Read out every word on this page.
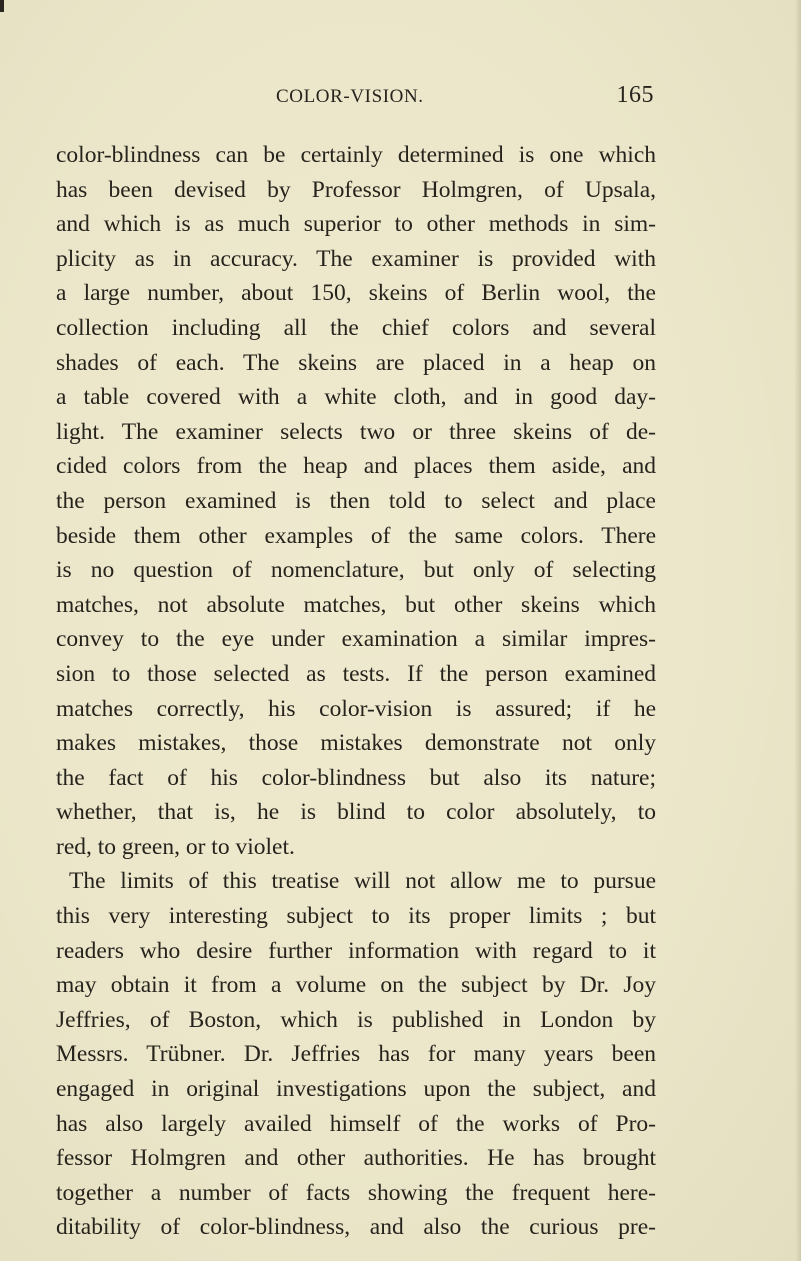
COLOR-VISION.	165
color-blindness can be certainly determined is one which
has been devised by Professor Holmgren, of Upsala,
and which is as much superior to other methods in sim-
plicity as in accuracy. The examiner is provided with
a large number, about 150, skeins of Berlin wool, the
collection including all the chief colors and several
shades of each. The skeins are placed in a heap on
a table covered with a white cloth, and in good day-
light. The examiner selects two or three skeins of de-
cided colors from the heap and places them aside, and
the person examined is then told to select and place
beside them other examples of the same colors. There
is no question of nomenclature, but only of selecting
matches, not absolute matches, but other skeins which
convey to the eye under examination a similar impres-
sion to those selected as tests. If the person examined
matches correctly, his color-vision is assured; if he
makes mistakes, those mistakes demonstrate not only
the fact of his color-blindness but also its nature;
whether, that is, he is blind to color absolutely, to
red, to green, or to violet.
The limits of this treatise will not allow me to pursue
this very interesting subject to its proper limits ; but
readers who desire further information with regard to it
may obtain it from a volume on the subject by Dr. Joy
Jeffries, of Boston, which is published in London by
Messrs. Trübner. Dr. Jeffries has for many years been
engaged in original investigations upon the subject, and
has also largely availed himself of the works of Pro-
fessor Holmgren and other authorities. He has brought
together a number of facts showing the frequent here-
ditability of color-blindness, and also the curious pre-
